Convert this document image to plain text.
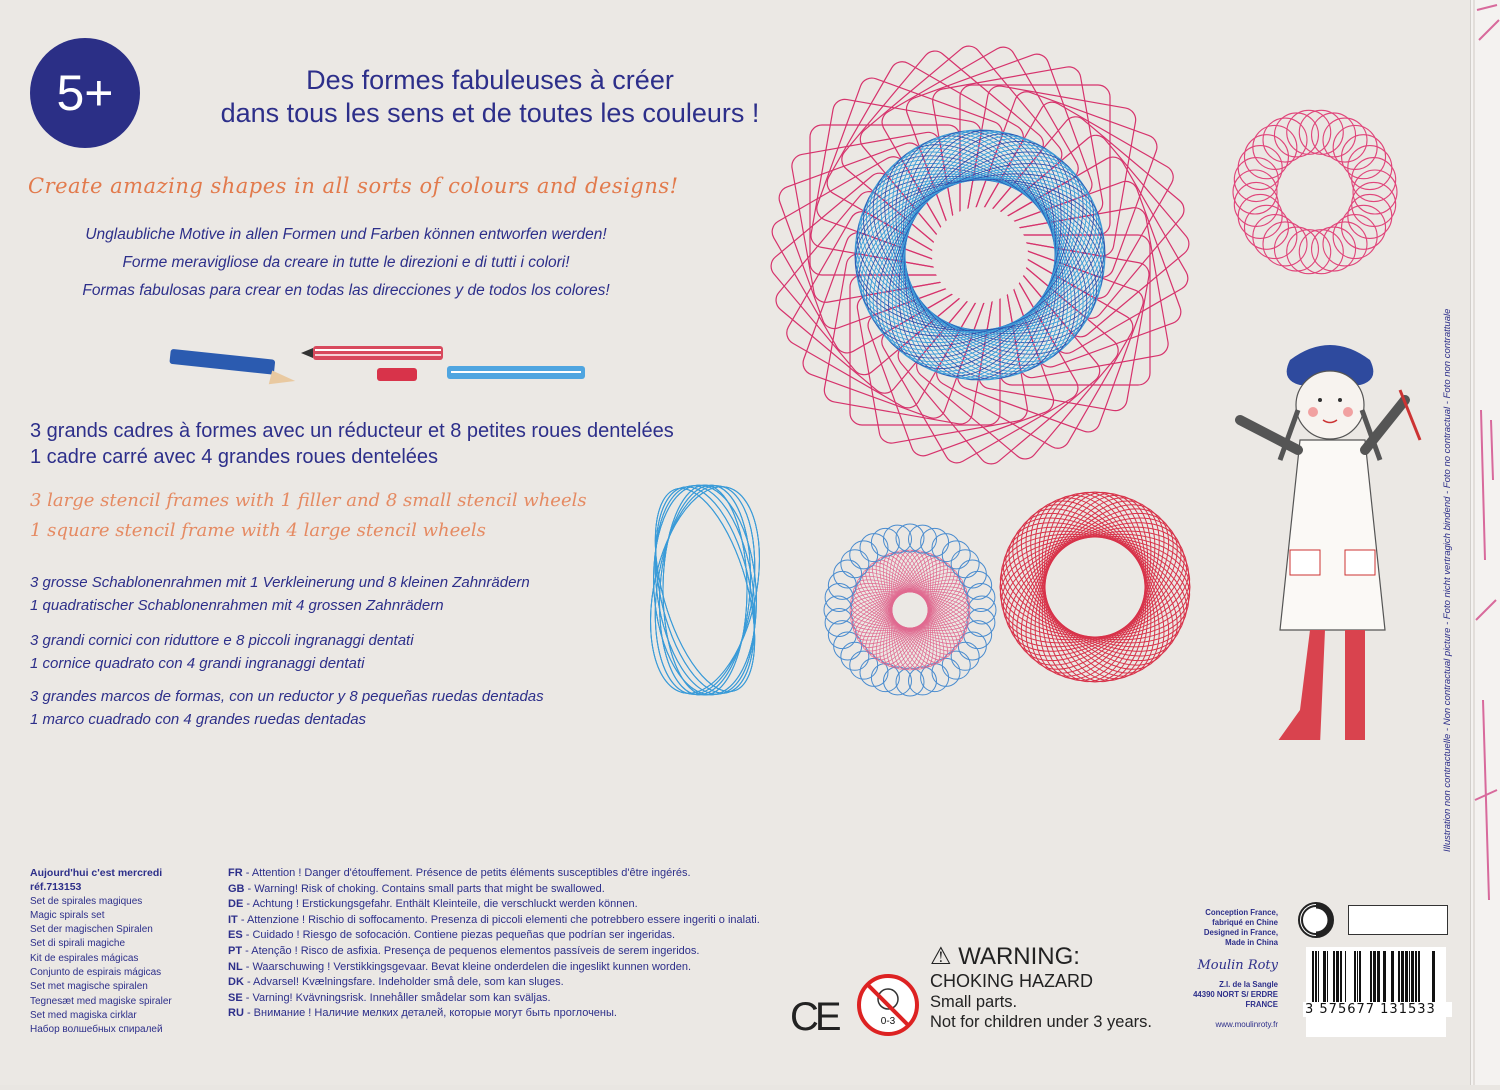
5+	Des formes fabuleuses à créer
dans tous les sens et de toutes les couleurs !
Create amazing shapes in all sorts of colours and designs!
Unglaubliche Motive in allen Formen und Farben können entworfen werden!
Forme meravigliose da creare in tutte le direzioni e di tutti i colori!
Formas fabulosas para crear en todas las direcciones y de todos los colores!
3 grands cadres à formes avec un réducteur et 8 petites roues dentelées
1 cadre carré avec 4 grandes roues dentelées
3 large stencil frames with 1 filler and 8 small stencil wheels
1 square stencil frame with 4 large stencil wheels
3 grosse Schablonenrahmen mit 1 Verkleinerung und 8 kleinen Zahnrädern
1 quadratischer Schablonenrahmen mit 4 grossen Zahnrädern
3 grandi cornici con riduttore e 8 piccoli ingranaggi dentati
1 cornice quadrato con 4 grandi ingranaggi dentati
3 grandes marcos de formas, con un reductor y 8 pequeñas ruedas dentadas
1 marco cuadrado con 4 grandes ruedas dentadas
Aujourd'hui c'est mercredi
réf.713153
Set de spirales magiques
Magic spirals set
Set der magischen Spiralen
Set di spirali magiche
Kit de espirales mágicas
Conjunto de espirais mágicas
Set met magische spiralen
Tegnesæt med magiske spiraler
Set med magiska cirklar
Набор волшебных спиралей
FR - Attention ! Danger d'étouffement. Présence de petits éléments susceptibles d'être ingérés.
GB - Warning! Risk of choking. Contains small parts that might be swallowed.
DE - Achtung ! Erstickungsgefahr. Enthält Kleinteile, die verschluckt werden können.
IT - Attenzione ! Rischio di soffocamento. Presenza di piccoli elementi che potrebbero essere ingeriti o inalati.
ES - Cuidado ! Riesgo de sofocación. Contiene piezas pequeñas que podrían ser ingeridas.
PT - Atenção ! Risco de asfixia. Presença de pequenos elementos passíveis de serem ingeridos.
NL - Waarschuwing ! Verstikkingsgevaar. Bevat kleine onderdelen die ingeslikt kunnen worden.
DK - Advarsel! Kvælningsfare. Indeholder små dele, som kan sluges.
SE - Varning! Kvävningsrisk. Innehåller smådelar som kan sväljas.
RU - Внимание ! Наличие мелких деталей, которые могут быть проглочены.	CE	0-3
⚠ WARNING:
CHOKING HAZARD
Small parts.
Not for children under 3 years.
Illustration non contractuelle - Non contractual picture - Foto nicht vertragich bindend - Foto no contractual - Foto non contrattuale
Conception France,
fabriqué en Chine
Designed in France,
Made in China
Moulin Roty
Z.I. de la Sangle
44390 NORT S/ ERDRE
FRANCE
www.moulinroty.fr
3 575677 131533
